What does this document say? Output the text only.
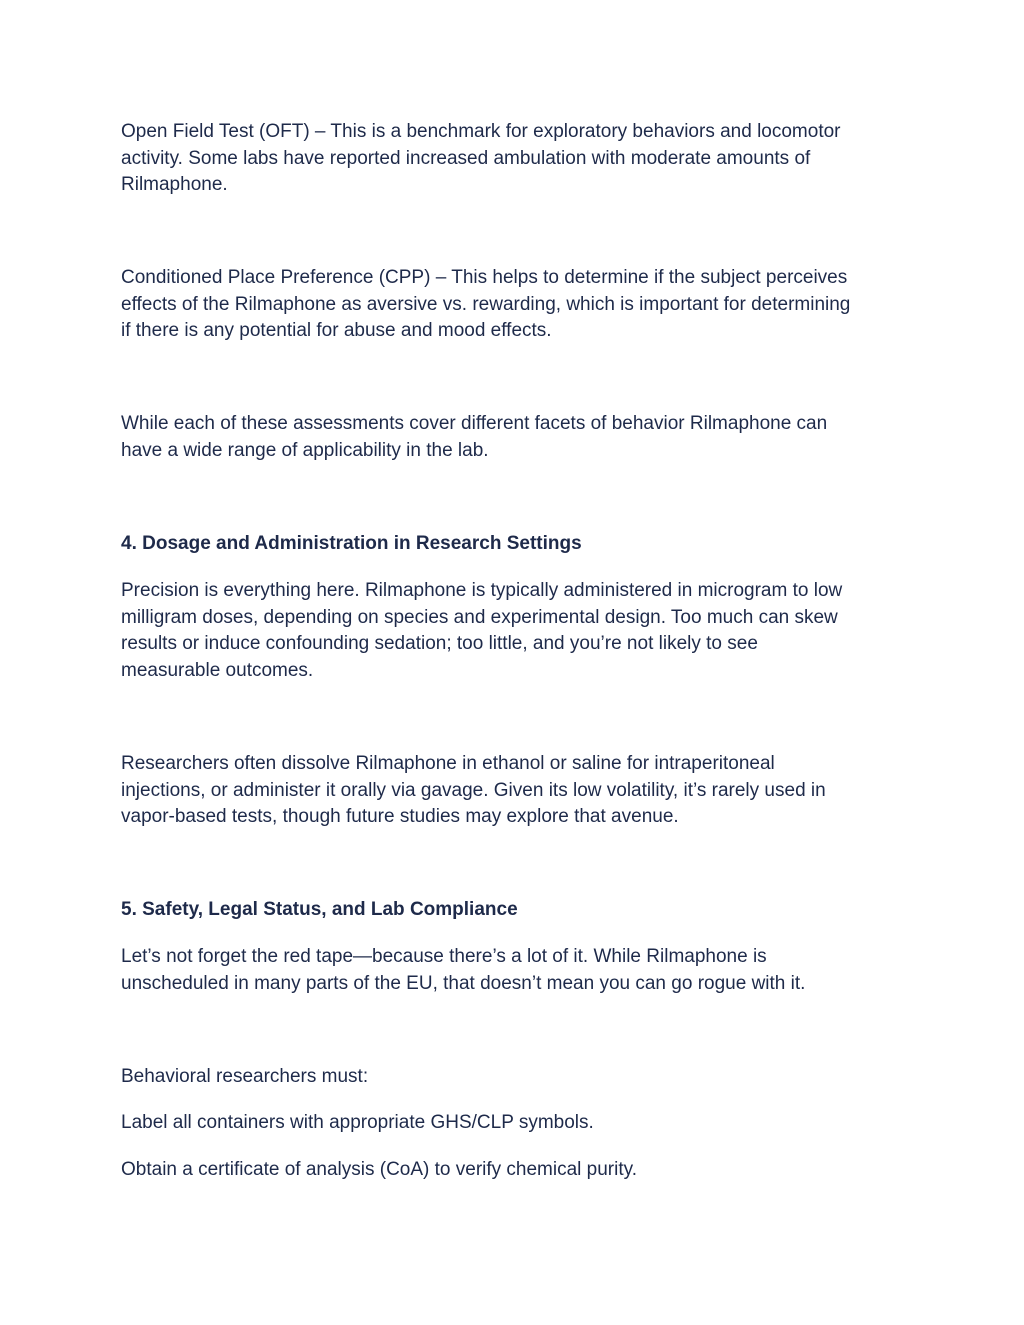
Open Field Test (OFT) – This is a benchmark for exploratory behaviors and locomotor activity. Some labs have reported increased ambulation with moderate amounts of Rilmaphone.

Conditioned Place Preference (CPP) – This helps to determine if the subject perceives effects of the Rilmaphone as aversive vs. rewarding, which is important for determining if there is any potential for abuse and mood effects.

While each of these assessments cover different facets of behavior Rilmaphone can have a wide range of applicability in the lab.

4. Dosage and Administration in Research Settings

Precision is everything here. Rilmaphone is typically administered in microgram to low milligram doses, depending on species and experimental design. Too much can skew results or induce confounding sedation; too little, and you’re not likely to see measurable outcomes.

Researchers often dissolve Rilmaphone in ethanol or saline for intraperitoneal injections, or administer it orally via gavage. Given its low volatility, it’s rarely used in vapor-based tests, though future studies may explore that avenue.

5. Safety, Legal Status, and Lab Compliance

Let’s not forget the red tape—because there’s a lot of it. While Rilmaphone is unscheduled in many parts of the EU, that doesn’t mean you can go rogue with it.

Behavioral researchers must:

Label all containers with appropriate GHS/CLP symbols.

Obtain a certificate of analysis (CoA) to verify chemical purity.
